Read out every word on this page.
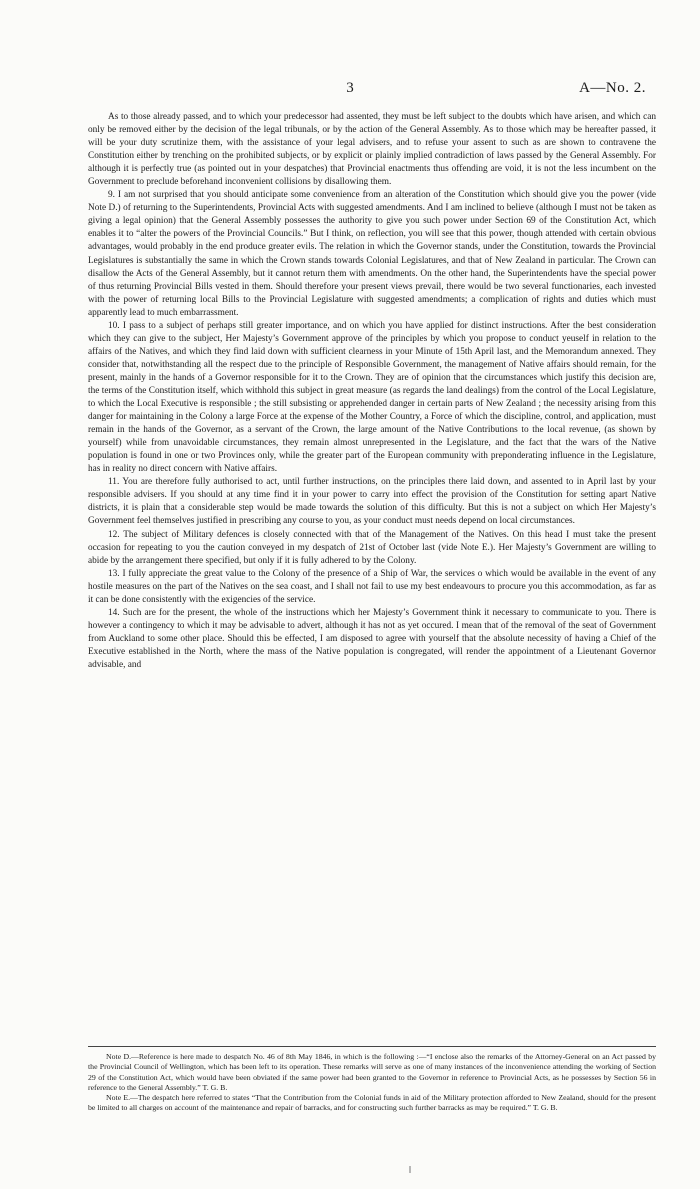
3	A—No. 2.

As to those already passed, and to which your predecessor had assented, they must be left subject to the doubts which have arisen, and which can only be removed either by the decision of the legal tribunals, or by the action of the General Assembly. As to those which may be hereafter passed, it will be your duty scrutinize them, with the assistance of your legal advisers, and to refuse your assent to such as are shown to contravene the Constitution either by trenching on the prohibited subjects, or by explicit or plainly implied contradiction of laws passed by the General Assembly. For although it is perfectly true (as pointed out in your despatches) that Provincial enactments thus offending are void, it is not the less incumbent on the Government to preclude beforehand inconvenient collisions by disallowing them.

9. I am not surprised that you should anticipate some convenience from an alteration of the Constitution which should give you the power (vide Note D.) of returning to the Superintendents, Provincial Acts with suggested amendments. And I am inclined to believe (although I must not be taken as giving a legal opinion) that the General Assembly possesses the authority to give you such power under Section 69 of the Constitution Act, which enables it to “alter the powers of the Provincial Councils.” But I think, on reflection, you will see that this power, though attended with certain obvious advantages, would probably in the end produce greater evils. The relation in which the Governor stands, under the Constitution, towards the Provincial Legislatures is substantially the same in which the Crown stands towards Colonial Legislatures, and that of New Zealand in particular. The Crown can disallow the Acts of the General Assembly, but it cannot return them with amendments. On the other hand, the Superintendents have the special power of thus returning Provincial Bills vested in them. Should therefore your present views prevail, there would be two several functionaries, each invested with the power of returning local Bills to the Provincial Legislature with suggested amendments; a complication of rights and duties which must apparently lead to much embarrassment.

10. I pass to a subject of perhaps still greater importance, and on which you have applied for distinct instructions. After the best consideration which they can give to the subject, Her Majesty’s Government approve of the principles by which you propose to conduct yeuself in relation to the affairs of the Natives, and which they find laid down with sufficient clearness in your Minute of 15th April last, and the Memorandum annexed. They consider that, notwithstanding all the respect due to the principle of Responsible Government, the management of Native affairs should remain, for the present, mainly in the hands of a Governor responsible for it to the Crown. They are of opinion that the circumstances which justify this decision are, the terms of the Constitution itself, which withhold this subject in great measure (as regards the land dealings) from the control of the Local Legislature, to which the Local Executive is responsible ; the still subsisting or apprehended danger in certain parts of New Zealand ; the necessity arising from this danger for maintaining in the Colony a large Force at the expense of the Mother Country, a Force of which the discipline, control, and application, must remain in the hands of the Governor, as a servant of the Crown, the large amount of the Native Contributions to the local revenue, (as shown by yourself) while from unavoidable circumstances, they remain almost unrepresented in the Legislature, and the fact that the wars of the Native population is found in one or two Provinces only, while the greater part of the European community with preponderating influence in the Legislature, has in reality no direct concern with Native affairs.

11. You are therefore fully authorised to act, until further instructions, on the principles there laid down, and assented to in April last by your responsible advisers. If you should at any time find it in your power to carry into effect the provision of the Constitution for setting apart Native districts, it is plain that a considerable step would be made towards the solution of this difficulty. But this is not a subject on which Her Majesty’s Government feel themselves justified in prescribing any course to you, as your conduct must needs depend on local circumstances.

12. The subject of Military defences is closely connected with that of the Management of the Natives. On this head I must take the present occasion for repeating to you the caution conveyed in my despatch of 21st of October last (vide Note E.). Her Majesty’s Government are willing to abide by the arrangement there specified, but only if it is fully adhered to by the Colony.

13. I fully appreciate the great value to the Colony of the presence of a Ship of War, the services o which would be available in the event of any hostile measures on the part of the Natives on the sea coast, and I shall not fail to use my best endeavours to procure you this accommodation, as far as it can be done consistently with the exigencies of the service.

14. Such are for the present, the whole of the instructions which her Majesty’s Government think it necessary to communicate to you. There is however a contingency to which it may be advisable to advert, although it has not as yet occured. I mean that of the removal of the seat of Government from Auckland to some other place. Should this be effected, I am disposed to agree with yourself that the absolute necessity of having a Chief of the Executive established in the North, where the mass of the Native population is congregated, will render the appointment of a Lieutenant Governor advisable, and

Note D.—Reference is here made to despatch No. 46 of 8th May 1846, in which is the following :—“I enclose also the remarks of the Attorney-General on an Act passed by the Provincial Council of Wellington, which has been left to its operation. These remarks will serve as one of many instances of the inconvenience attending the working of Section 29 of the Constitution Act, which would have been obviated if the same power had been granted to the Governor in reference to Provincial Acts, as he possesses by Section 56 in reference to the General Assembly.” T. G. B.

Note E.—The despatch here referred to states “That the Contribution from the Colonial funds in aid of the Military protection afforded to New Zealand, should for the present be limited to all charges on account of the maintenance and repair of barracks, and for constructing such further barracks as may be required.” T. G. B.
